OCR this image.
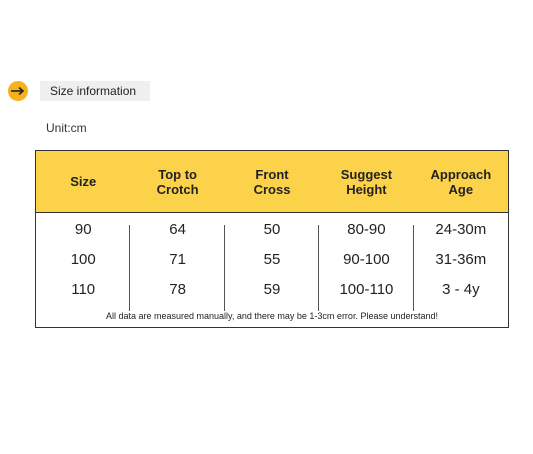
Size information
Unit:cm
Size	Top to
Crotch
Front
Cross
Suggest
Height
Approach
Age
90
100
110
64
71
78
50
55
59
80-90
90-100
100-110
24-30m
31-36m
3 - 4y
All data are measured manually, and there may be 1-3cm error. Please understand!
